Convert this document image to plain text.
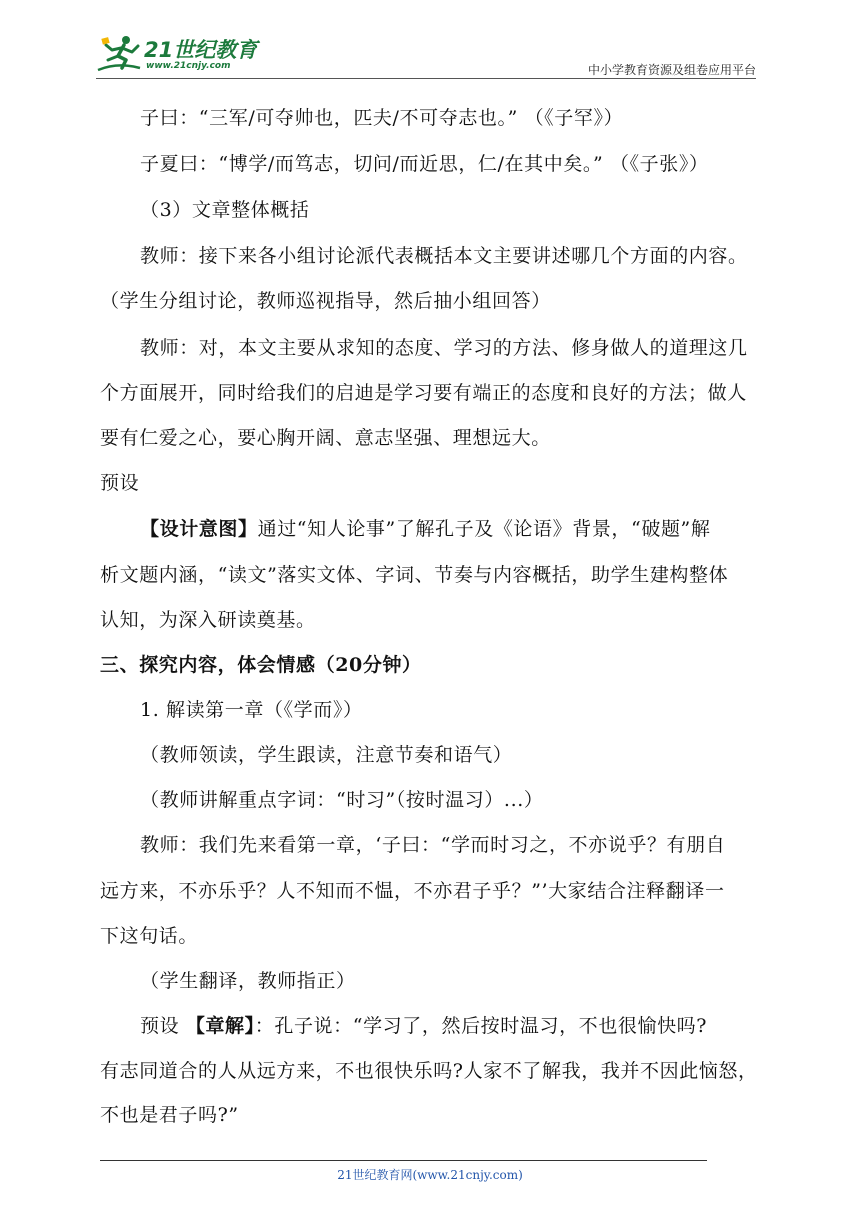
21世纪教育
www.21cnjy.com	中小学教育资源及组卷应用平台
子曰：“三军/可夺帅也，匹夫/不可夺志也。” （《子罕》）
子夏曰：“博学/而笃志，切问/而近思，仁/在其中矣。” （《子张》）
（3）文章整体概括
教师：接下来各小组讨论派代表概括本文主要讲述哪几个方面的内容。
（学生分组讨论，教师巡视指导，然后抽小组回答）
教师：对，本文主要从求知的态度、学习的方法、修身做人的道理这几
个方面展开，同时给我们的启迪是学习要有端正的态度和良好的方法；做人
要有仁爱之心，要心胸开阔、意志坚强、理想远大。
预设
【设计意图】通过“知人论事”了解孔子及《论语》背景，“破题”解
析文题内涵，“读文”落实文体、字词、节奏与内容概括，助学生建构整体
认知，为深入研读奠基。
三、探究内容，体会情感（20分钟）
1. 解读第一章（《学而》）
（教师领读，学生跟读，注意节奏和语气）
（教师讲解重点字词：“时习”（按时温习）...）
教师：我们先来看第一章，‘子曰：“学而时习之，不亦说乎？有朋自
远方来，不亦乐乎？人不知而不愠，不亦君子乎？”’大家结合注释翻译一
下这句话。
（学生翻译，教师指正）
预设 【章解】：孔子说：“学习了，然后按时温习，不也很愉快吗?
有志同道合的人从远方来，不也很快乐吗?人家不了解我，我并不因此恼怒，
不也是君子吗?”
21世纪教育网(www.21cnjy.com)
